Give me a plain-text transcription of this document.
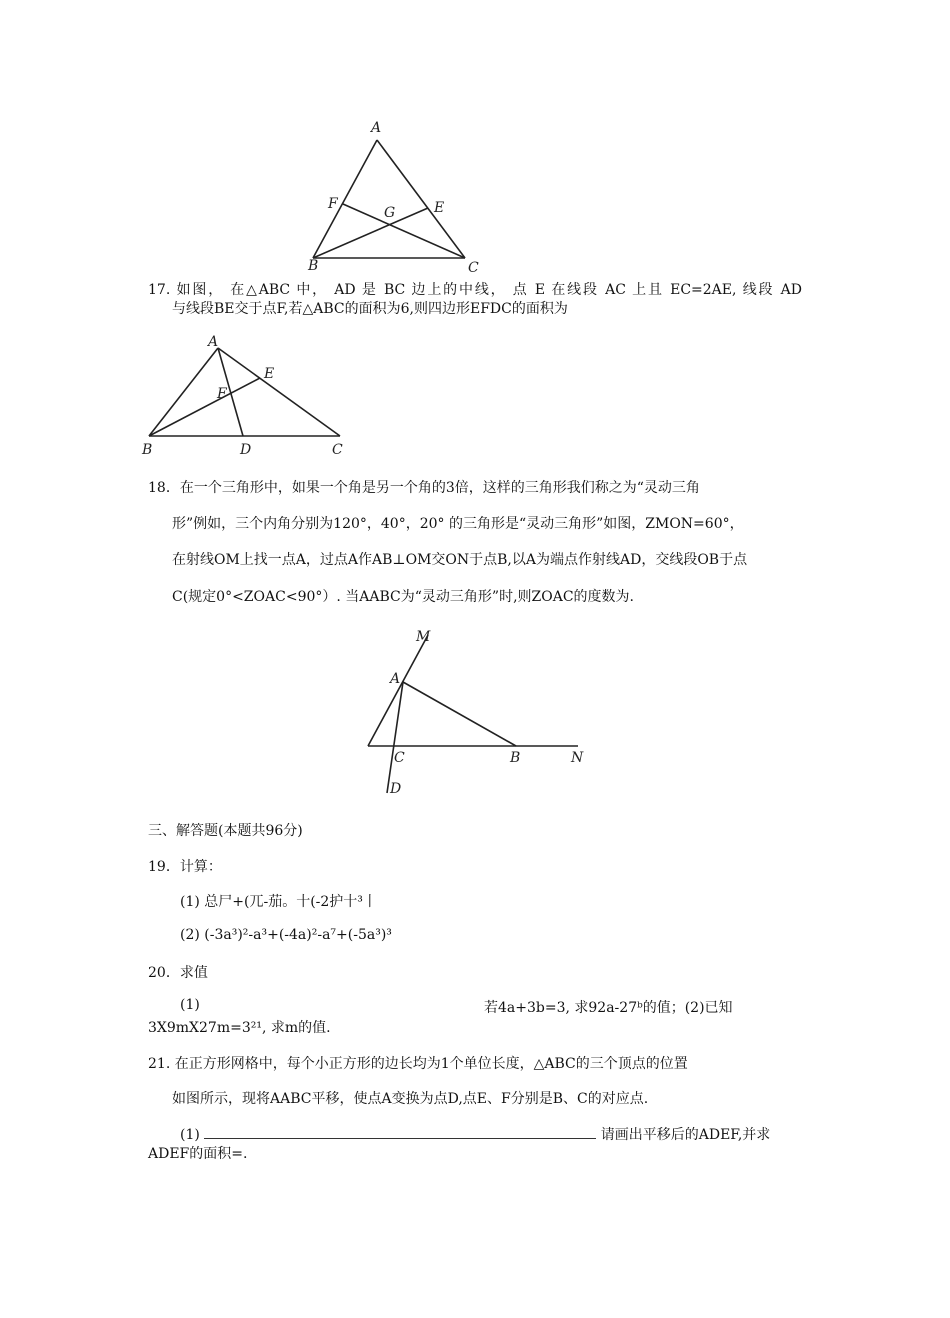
A
F
G	E
B	C
17. 如图， 在△ABC 中， AD 是 BC 边上的中线， 点 E 在线段 AC 上且 EC=2AE, 线段 AD
与线段BE交于点F,若△ABC的面积为6,则四边形EFDC的面积为
A
E
F
B	D	C
18．在一个三角形中，如果一个角是另一个角的3倍，这样的三角形我们称之为“灵动三角
形”例如，三个内角分别为120°，40°，20° 的三角形是“灵动三角形”如图，ZMON=60°，
在射线OM上找一点A，过点A作AB⊥OM交ON于点B,以A为端点作射线AD，交线段OB于点
C(规定0°<ZOAC<90°）. 当AABC为“灵动三角形”时,则ZOAC的度数为.
M
A
C	B	N
D
三、解答题(本题共96分)
19．计算：
(1) 总尸+(兀-茄。十(-2护十³丨
(2) (-3a³)²-a³+(-4a)²-a⁷+(-5a³)³
20．求值
(1)	若4a+3b=3, 求92a-27ᵇ的值；(2)已知
3X9mX27m=3²¹, 求m的值.
21. 在正方形网格中，每个小正方形的边长均为1个单位长度，△ABC的三个顶点的位置
如图所示，现将AABC平移，使点A变换为点D,点E、F分别是B、C的对应点.
(1)	请画出平移后的ADEF,并求
ADEF的面积=.
